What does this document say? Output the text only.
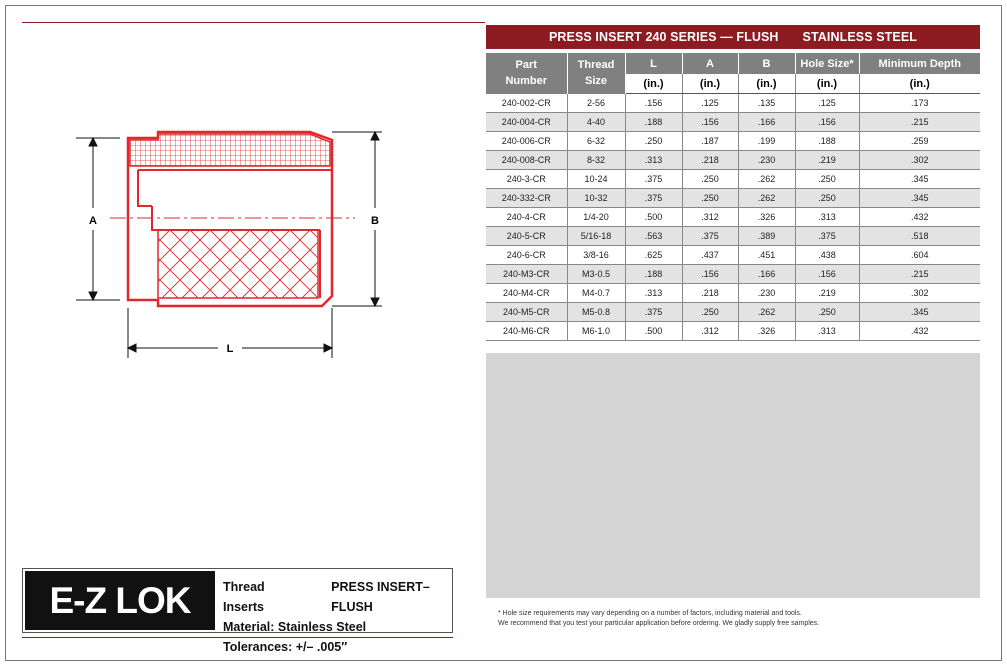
A	B
L
PRESS INSERT 240 SERIES — FLUSH STAINLESS STEEL
Part Number	Thread Size	L	A	B	Hole Size*	Minimum Depth
		(in.)	(in.)	(in.)	(in.)	(in.)
240-002-CR	2-56	.156	.125	.135	.125	.173
240-004-CR	4-40	.188	.156	.166	.156	.215
240-006-CR	6-32	.250	.187	.199	.188	.259
240-008-CR	8-32	.313	.218	.230	.219	.302
240-3-CR	10-24	.375	.250	.262	.250	.345
240-332-CR	10-32	.375	.250	.262	.250	.345
240-4-CR	1/4-20	.500	.312	.326	.313	.432
240-5-CR	5/16-18	.563	.375	.389	.375	.518
240-6-CR	3/8-16	.625	.437	.451	.438	.604
240-M3-CR	M3-0.5	.188	.156	.166	.156	.215
240-M4-CR	M4-0.7	.313	.218	.230	.219	.302
240-M5-CR	M5-0.8	.375	.250	.262	.250	.345
240-M6-CR	M6-1.0	.500	.312	.326	.313	.432
* Hole size requirements may vary depending on a number of factors, including material and tools.
We recommend that you test your particular application before ordering. We gladly supply free samples.
E-Z LOK	Thread Inserts
PRESS INSERT–FLUSH
Material: Stainless Steel
Tolerances: +/– .005″
